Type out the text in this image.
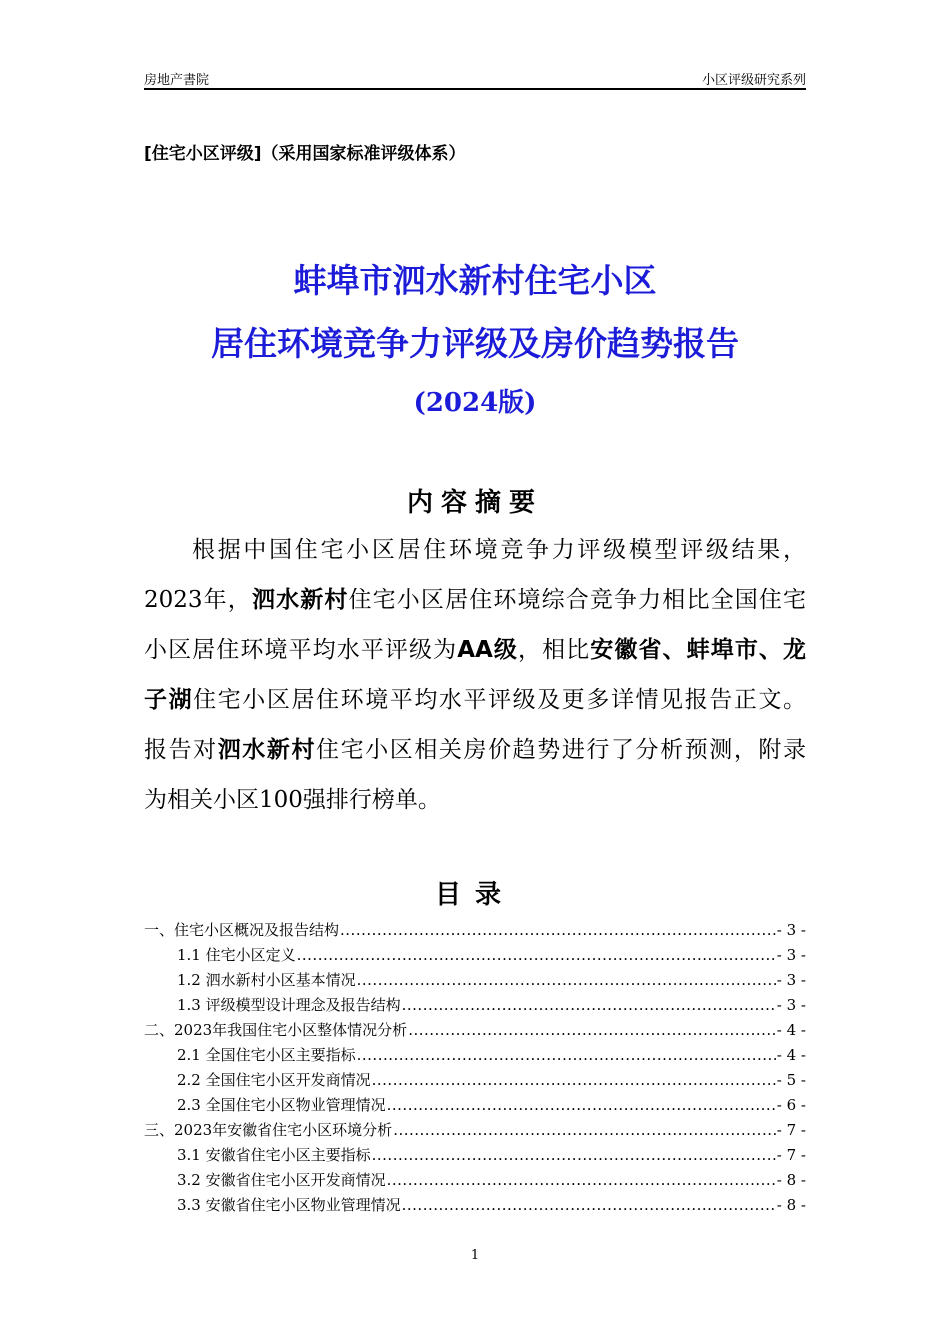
房地产書院	小区评级研究系列
[住宅小区评级]（采用国家标准评级体系）
蚌埠市泗水新村住宅小区
居住环境竞争力评级及房价趋势报告
(2024版)
内容摘要
根据中国住宅小区居住环境竞争力评级模型评级结果，
2023年，泗水新村住宅小区居住环境综合竞争力相比全国住宅
小区居住环境平均水平评级为AA级，相比安徽省、蚌埠市、龙
子湖住宅小区居住环境平均水平评级及更多详情见报告正文。
报告对泗水新村住宅小区相关房价趋势进行了分析预测，附录
为相关小区100强排行榜单。
目录
一、住宅小区概况及报告结构 .....	- 3 -
1.1 住宅小区定义 .....	- 3 -
1.2 泗水新村小区基本情况 .....	- 3 -
1.3 评级模型设计理念及报告结构 .....	- 3 -
二、2023年我国住宅小区整体情况分析 .....	- 4 -
2.1 全国住宅小区主要指标 .....	- 4 -
2.2 全国住宅小区开发商情况 .....	- 5 -
2.3 全国住宅小区物业管理情况 .....	- 6 -
三、2023年安徽省住宅小区环境分析 .....	- 7 -
3.1 安徽省住宅小区主要指标 .....	- 7 -
3.2 安徽省住宅小区开发商情况 .....	- 8 -
3.3 安徽省住宅小区物业管理情况 .....	- 8 -
1
